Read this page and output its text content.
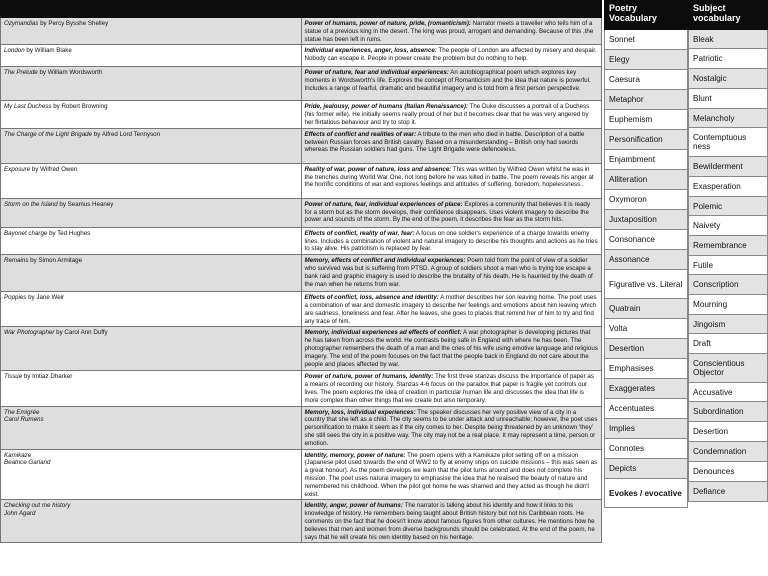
Ozymandias by Percy Bysshe Shelley	Power of humans, power of nature, pride, (romanticism): Narrator meets a traveller who tells him of a statue of a previous king in the desert. The king was proud, arrogant and demanding. Because of this ,the statue has been left in ruins.
London by William Blake	Individual experiences, anger, loss, absence: The people of London are affected by misery and despair. Nobody can escape it. People in power create the problem but do nothing to help.
The Prelude by William Wordsworth	Power of nature, fear and individual experiences: An autobiographical poem which explores key moments in Wordsworth's life. Explores the concept of Romanticism and the idea that nature is powerful. Includes a range of fearful, dramatic and beautiful imagery and is told from a first person perspective.
My Last Duchess by Robert Browning	Pride, jealousy, power of humans (Italian Renaissance): The Duke discusses a portrait of a Duchess (his former wife). He initially seems really proud of her but it becomes clear that he was very angered by her flirtatious behaviour and try to stop it.
The Charge of the Light Brigade by Alfred Lord Tennyson	Effects of conflict and realities of war: A tribute to the men who died in battle. Description of a battle between Russian forces and British cavalry. Based on a misunderstanding – British only had swords whereas the Russian soldiers had guns. The Light Brigade were defenceless.
Exposure by Wilfred Owen	Reality of war, power of nature, loss and absence: This was written by Wilfred Owen whilst he was in the trenches during World War One, not long before he was killed in battle. The poem reveals his anger at the horrific conditions of war and explores feelings and attitudes of suffering, boredom, hopelessness .
Storm on the Island by Seamus Heaney	Power of nature, fear, individual experiences of place: Explores a community that believes it is ready for a storm but as the storm develops, their confidence disappears. Uses violent imagery to describe the power and sounds of the storm. By the end of the poem, it describes the fear as the storm hits.
Bayonet charge by Ted Hughes	Effects of conflict, reality of war, fear: A focus on one soldier's experience of a charge towards enemy lines. Includes a combination of violent and natural imagery to describe his thoughts and actions as he tries to stay alive. His patriotism is replaced by fear.
Remains by Simon Armitage	Memory, effects of conflict and individual experiences: Poem told from the point of view of a soldier who survived was but is suffering from PTSD. A group of soldiers shoot a man who is trying toe escape a bank raid and graphic imagery is used to describe the brutality of his death. He is haunted by the death of the man when he returns from war.
Poppies by Jane Weir	Effects of conflict, loss, absence and identity: A mother describes her son leaving home. The poet uses a combination of war and domestic imagery to describe her feelings and emotions about him leaving which are sadness, loneliness and fear. After he leaves, she goes to places that remind her of him to try and find any trace of him.
War Photographer by Carol Ann Duffy	Memory, individual experiences ad effects of conflict: A war photographer is developing pictures that he has taken from across the world. He contrasts being safe in England with where he has been. The photographer remembers the death of a man and the cries of his wife using emotive language and religious imagery. The end of the poem focuses on the fact that the people back in England do not care about the people and places affected by war.
Tissue by Imtiaz Dharker	Power of nature, power of humans, identity: The first three stanzas discuss the importance of paper as a means of recording our history. Stanzas 4-6 focus on the paradox that paper is fragile yet controls our lives. The poem explores the idea of creation in particular human life and discusses the idea that life is more complex than other things that we create but also temporary.
The Emigrée
Carol Rumens	Memory, loss, individual experiences: The speaker discusses her very positive view of a city in a country that she left as a child. The city seems to be under attack and unreachable; however, the poet uses personification to make it seem as if the city comes to her. Despite being threatened by an unknown 'they' she still sees the city in a positive way. The city may not be a real place. It may represent a time, person or emotion.
Kamikaze
Beatrice Garland	Identity, memory, power of nature: The poem opens with a Kamikaze pilot setting off on a mission (Japanese pilot used towards the end of WW2 to fly at enemy ships on suicide missions – this was seen as a great honour). As the poem develops we learn that the pilot turns around and does not complete his mission. The poet uses natural imagery to emphasise the idea that he realised the beauty of nature and remembered his childhood. When the pilot got home he was shamed and they acted as though he didn't exist.
Checking out me history
John Agard	Identity, anger, power of humans: The narrator is talking about his identity and how it links to his knowledge of history. He remembers being taught about British history but not his Caribbean roots. He comments on the fact that he doesn't know about famous figures from other cultures. He mentions how he believes that men and women from diverse backgrounds should be celebrated. At the end of the poem, he says that he will create his own identity based on his heritage.
Poetry Vocabulary
Sonnet
Elegy
Caesura
Metaphor
Euphemism
Personification
Enjambment
Alliteration
Oxymoron
Juxtaposition
Consonance
Assonance
Figurative vs. Literal
Quatrain
Volta
Desertion
Emphasises
Exaggerates
Accentuates
Implies
Connotes
Depicts
Evokes / evocative
Subject vocabulary
Bleak
Patriotic
Nostalgic
Blunt
Melancholy
Contemptuous ness
Bewilderment
Exasperation
Polemic
Naivety
Remembrance
Futile
Conscription
Mourning
Jingoism
Draft
Conscientious Objector
Accusative
Subordination
Desertion
Condemnation
Denounces
Defiance
